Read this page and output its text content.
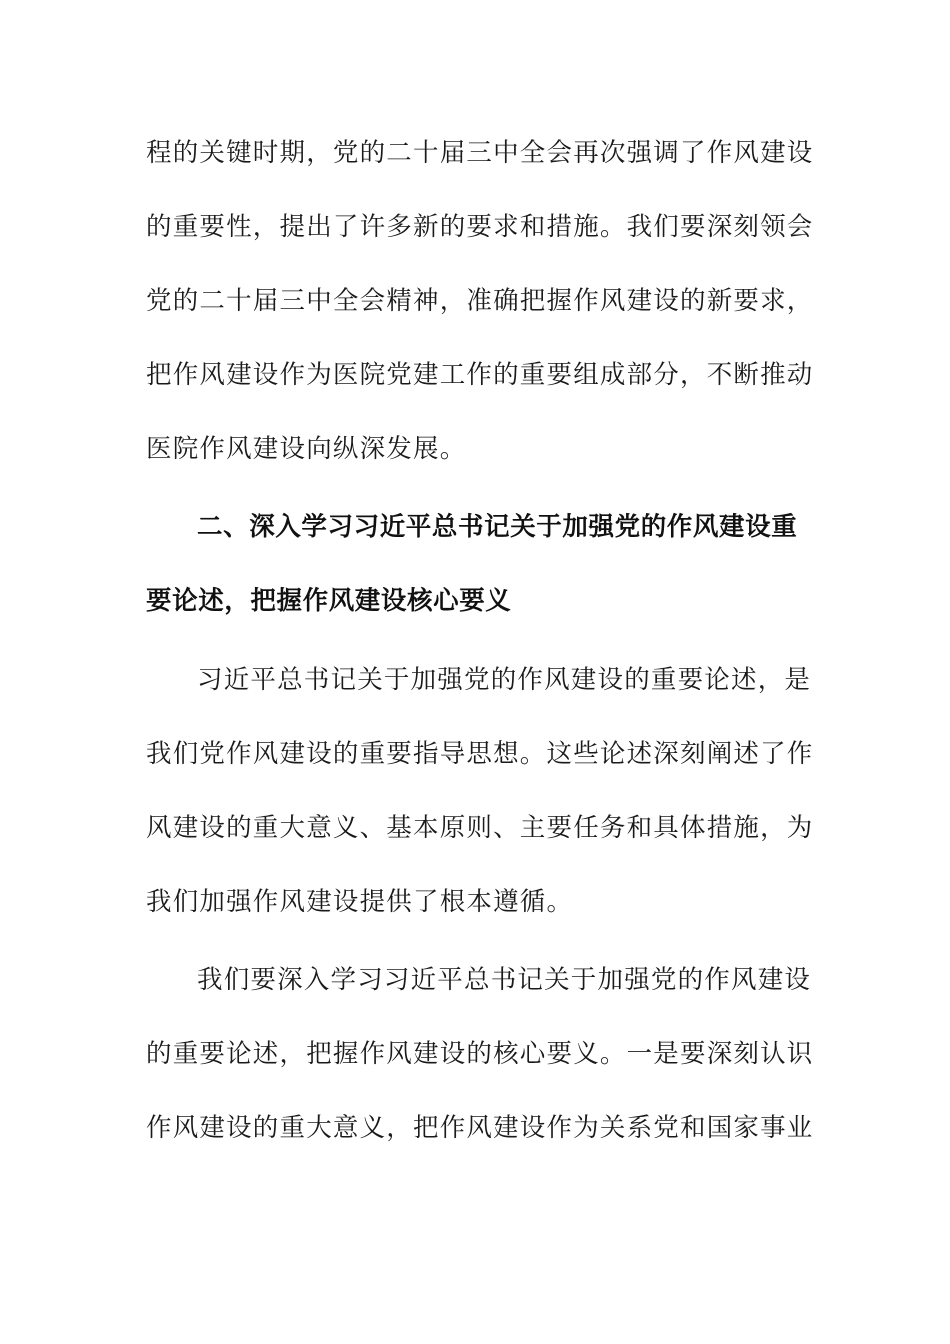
程的关键时期，党的二十届三中全会再次强调了作风建设
的重要性，提出了许多新的要求和措施。我们要深刻领会
党的二十届三中全会精神，准确把握作风建设的新要求，
把作风建设作为医院党建工作的重要组成部分，不断推动
医院作风建设向纵深发展。
二、深入学习习近平总书记关于加强党的作风建设重
要论述，把握作风建设核心要义
习近平总书记关于加强党的作风建设的重要论述，是
我们党作风建设的重要指导思想。这些论述深刻阐述了作
风建设的重大意义、基本原则、主要任务和具体措施，为
我们加强作风建设提供了根本遵循。
我们要深入学习习近平总书记关于加强党的作风建设
的重要论述，把握作风建设的核心要义。一是要深刻认识
作风建设的重大意义，把作风建设作为关系党和国家事业
